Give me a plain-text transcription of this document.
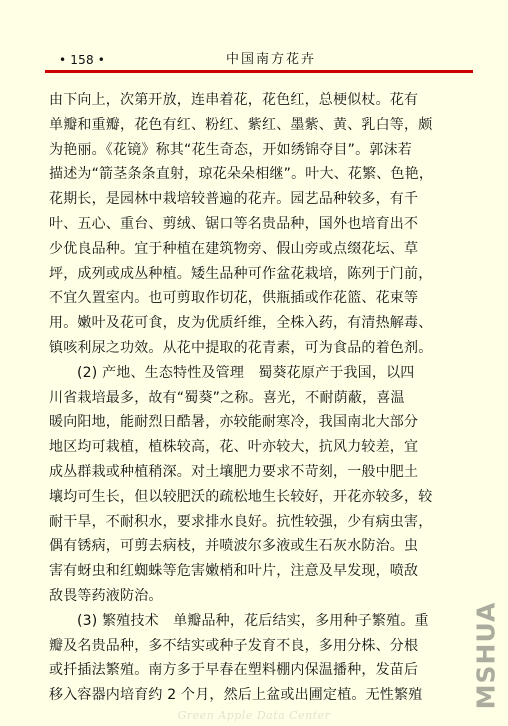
• 158 •	中国南方花卉

由下向上，次第开放，连串着花，花色红，总梗似杖。花有
单瓣和重瓣，花色有红、粉红、紫红、墨紫、黄、乳白等，颇
为艳丽。《花镜》称其“花生奇态，开如绣锦夺目”。郭沫若
描述为“箭茎条条直射，琼花朵朵相继”。叶大、花繁、色艳，
花期长，是园林中栽培较普遍的花卉。园艺品种较多，有千
叶、五心、重台、剪绒、锯口等名贵品种，国外也培育出不
少优良品种。宜于种植在建筑物旁、假山旁或点缀花坛、草
坪，成列或成丛种植。矮生品种可作盆花栽培，陈列于门前，
不宜久置室内。也可剪取作切花，供瓶插或作花篮、花束等
用。嫩叶及花可食，皮为优质纤维，全株入药，有清热解毒、
镇咳利尿之功效。从花中提取的花青素，可为食品的着色剂。

(2) 产地、生态特性及管理　蜀葵花原产于我国，以四
川省栽培最多，故有“蜀葵”之称。喜光，不耐荫蔽，喜温
暖向阳地，能耐烈日酷暑，亦较能耐寒冷，我国南北大部分
地区均可栽植，植株较高，花、叶亦较大，抗风力较差，宜
成丛群栽或种植稍深。对土壤肥力要求不苛刻，一般中肥土
壤均可生长，但以较肥沃的疏松地生长较好，开花亦较多，较
耐干旱，不耐积水，要求排水良好。抗性较强，少有病虫害，
偶有锈病，可剪去病枝，并喷波尔多液或生石灰水防治。虫
害有蚜虫和红蜘蛛等危害嫩梢和叶片，注意及早发现，喷敌
敌畏等药液防治。

(3) 繁殖技术　单瓣品种，花后结实，多用种子繁殖。重
瓣及名贵品种，多不结实或种子发育不良，多用分株、分根
或扦插法繁殖。南方多于早春在塑料棚内保温播种，发苗后
移入容器内培育约 2 个月，然后上盆或出圃定植。无性繁殖	MSHUA
Green Apple Data Center
